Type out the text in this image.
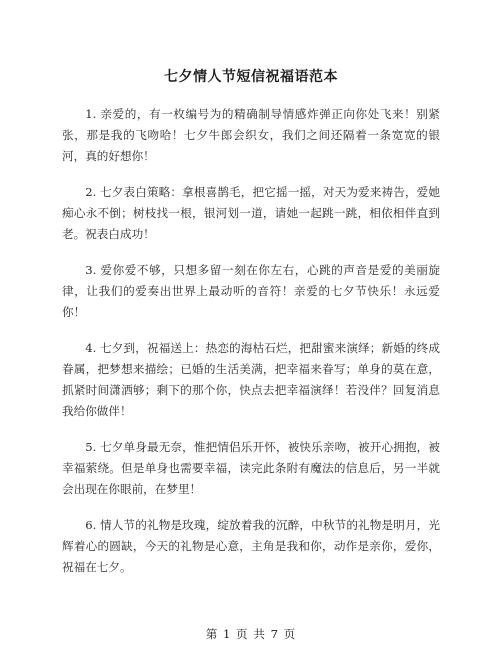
七夕情人节短信祝福语范本

1. 亲爱的，有一枚编号为的精确制导情感炸弹正向你处飞来！别紧张，那是我的飞吻哈！七夕牛郎会织女，我们之间还隔着一条宽宽的银河，真的好想你！

2. 七夕表白策略：拿根喜鹊毛，把它摇一摇，对天为爱来祷告，爱她痴心永不倒；树枝找一根，银河划一道，请她一起跳一跳，相依相伴直到老。祝表白成功！

3. 爱你爱不够，只想多留一刻在你左右，心跳的声音是爱的美丽旋律，让我们的爱奏出世界上最动听的音符！亲爱的七夕节快乐！永远爱你！

4. 七夕到，祝福送上：热恋的海枯石烂，把甜蜜来演绎；新婚的终成眷属，把梦想来描绘；已婚的生活美满，把幸福来眷写；单身的莫在意，抓紧时间潇洒够；剩下的那个你，快点去把幸福演绎！若没伴？回复消息我给你做伴！

5. 七夕单身最无奈，惟把情侣乐开怀，被快乐亲吻，被开心拥抱，被幸福萦绕。但是单身也需要幸福，读完此条附有魔法的信息后，另一半就会出现在你眼前，在梦里！

6. 情人节的礼物是玫瑰，绽放着我的沉醉，中秋节的礼物是明月，光辉着心的圆缺，今天的礼物是心意，主角是我和你，动作是亲你，爱你，祝福在七夕。

第 1 页 共 7 页
